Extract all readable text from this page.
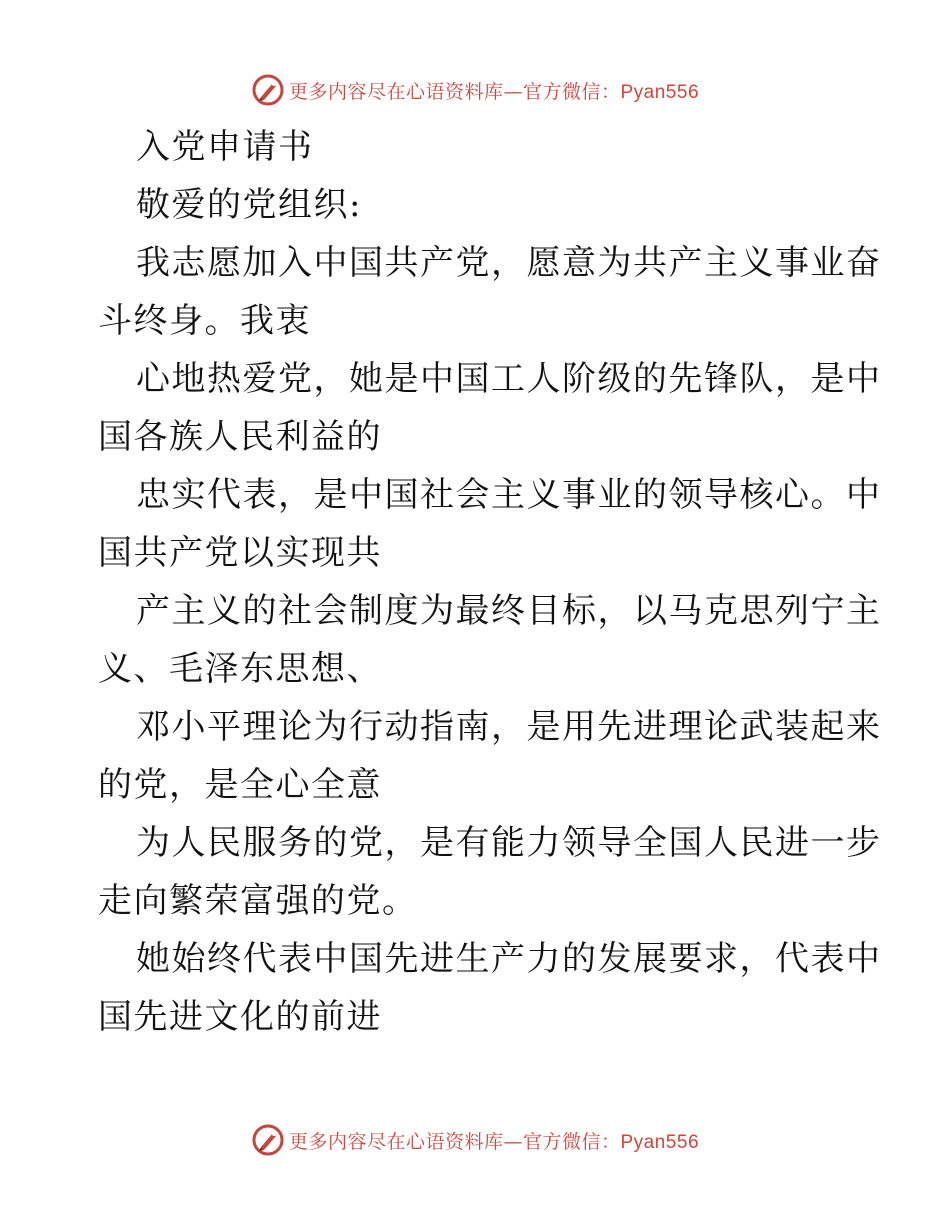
更多内容尽在心语资料库—官方微信：Pyan556
入党申请书
敬爱的党组织:
我志愿加入中国共产党，愿意为共产主义事业奋
斗终身。我衷
心地热爱党，她是中国工人阶级的先锋队，是中
国各族人民利益的
忠实代表，是中国社会主义事业的领导核心。中
国共产党以实现共
产主义的社会制度为最终目标，以马克思列宁主
义、毛泽东思想、
邓小平理论为行动指南，是用先进理论武装起来
的党，是全心全意
为人民服务的党，是有能力领导全国人民进一步
走向繁荣富强的党。
她始终代表中国先进生产力的发展要求，代表中
国先进文化的前进
更多内容尽在心语资料库—官方微信：Pyan556
